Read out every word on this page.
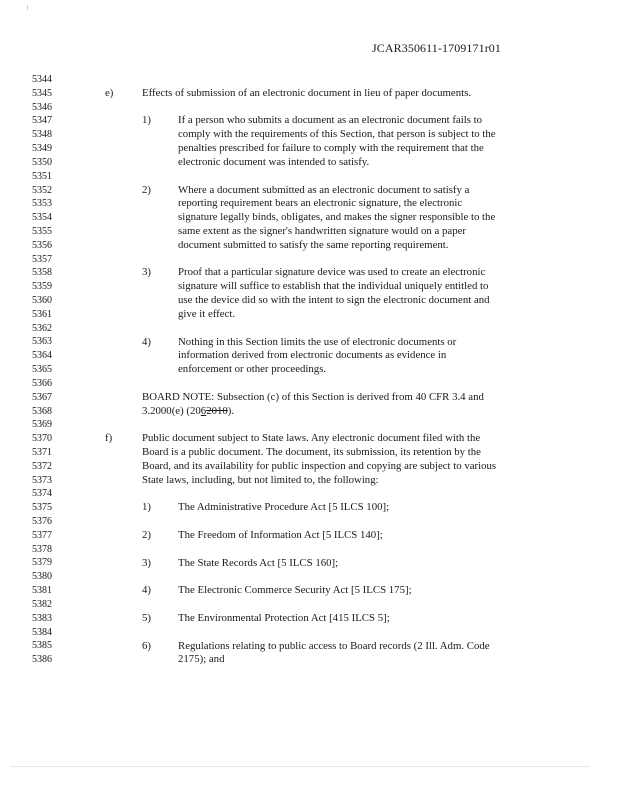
JCAR350611-1709171r01
5344
5345
5346
5347
5348
5349
5350
5351
5352
5353
5354
5355
5356
5357
5358
5359
5360
5361
5362
5363
5364
5365
5366
5367
5368
5369
5370
5371
5372
5373
5374
5375
5376
5377
5378
5379
5380
5381
5382
5383
5384
5385
5386
e)	Effects of submission of an electronic document in lieu of paper documents.
1)	If a person who submits a document as an electronic document fails to
comply with the requirements of this Section, that person is subject to the
penalties prescribed for failure to comply with the requirement that the
electronic document was intended to satisfy.
2)	Where a document submitted as an electronic document to satisfy a
reporting requirement bears an electronic signature, the electronic
signature legally binds, obligates, and makes the signer responsible to the
same extent as the signer's handwritten signature would on a paper
document submitted to satisfy the same reporting requirement.
3)	Proof that a particular signature device was used to create an electronic
signature will suffice to establish that the individual uniquely entitled to
use the device did so with the intent to sign the electronic document and
give it effect.
4)	Nothing in this Section limits the use of electronic documents or
information derived from electronic documents as evidence in
enforcement or other proceedings.
BOARD NOTE: Subsection (c) of this Section is derived from 40 CFR 3.4 and
3.2000(e) (2062010).
f)	Public document subject to State laws. Any electronic document filed with the
Board is a public document. The document, its submission, its retention by the
Board, and its availability for public inspection and copying are subject to various
State laws, including, but not limited to, the following:
1)	The Administrative Procedure Act [5 ILCS 100];
2)	The Freedom of Information Act [5 ILCS 140];
3)	The State Records Act [5 ILCS 160];
4)	The Electronic Commerce Security Act [5 ILCS 175];
5)	The Environmental Protection Act [415 ILCS 5];
6)	Regulations relating to public access to Board records (2 Ill. Adm. Code
2175); and
